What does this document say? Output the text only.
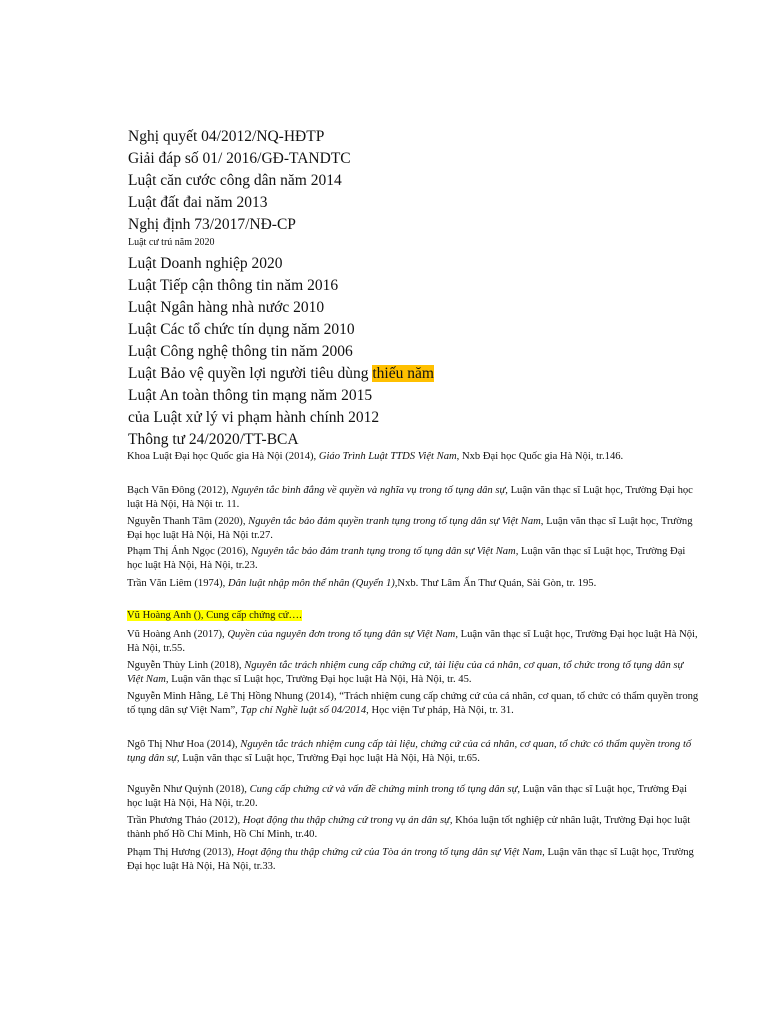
Nghị quyết 04/2012/NQ-HĐTP
Giải đáp số 01/ 2016/GĐ-TANDTC
Luật căn cước công dân năm 2014
Luật đất đai năm 2013
Nghị định 73/2017/NĐ-CP
Luật cư trú năm 2020
Luật Doanh nghiệp 2020
Luật Tiếp cận thông tin năm 2016
Luật Ngân hàng nhà nước 2010
Luật Các tổ chức tín dụng năm 2010
Luật Công nghệ thông tin năm 2006
Luật Bảo vệ quyền lợi người tiêu dùng thiếu năm
Luật An toàn thông tin mạng năm 2015
của Luật xử lý vi phạm hành chính 2012
Thông tư 24/2020/TT-BCA
Khoa Luật Đại học Quốc gia Hà Nội (2014), Giáo Trình Luật TTDS Việt Nam, Nxb Đại học Quốc gia Hà Nội, tr.146.
Bạch Văn Đông (2012), Nguyên tắc bình đẳng về quyền và nghĩa vụ trong tố tụng dân sự, Luận văn thạc sĩ Luật học, Trường Đại học luật Hà Nội, Hà Nội tr. 11.
Nguyễn Thanh Tâm (2020), Nguyên tắc bảo đảm quyền tranh tụng trong tố tụng dân sự Việt Nam, Luận văn thạc sĩ Luật học, Trường Đại học luật Hà Nội, Hà Nội tr.27.
Phạm Thị Ánh Ngọc (2016), Nguyên tắc bảo đảm tranh tụng trong tố tụng dân sự Việt Nam, Luận văn thạc sĩ Luật học, Trường Đại học luật Hà Nội, Hà Nội, tr.23.
Trần Văn Liêm (1974), Dân luật nhập môn thể nhân (Quyển 1),Nxb. Thư Lâm Ấn Thư Quán, Sài Gòn, tr. 195.
Vũ Hoàng Anh (), Cung cấp chứng cứ….
Vũ Hoàng Anh (2017), Quyền của nguyên đơn trong tố tụng dân sự Việt Nam, Luận văn thạc sĩ Luật học, Trường Đại học luật Hà Nội, Hà Nội, tr.55.
Nguyễn Thùy Linh (2018), Nguyên tắc trách nhiệm cung cấp chứng cứ, tài liệu của cá nhân, cơ quan, tổ chức trong tố tụng dân sự Việt Nam, Luận văn thạc sĩ Luật học, Trường Đại học luật Hà Nội, Hà Nội, tr. 45.
Nguyễn Minh Hằng, Lê Thị Hồng Nhung (2014), “Trách nhiệm cung cấp chứng cứ của cá nhân, cơ quan, tổ chức có thẩm quyền trong tố tụng dân sự Việt Nam”, Tạp chí Nghề luật số 04/2014, Học viện Tư pháp, Hà Nội, tr. 31.
Ngô Thị Như Hoa (2014), Nguyên tắc trách nhiệm cung cấp tài liệu, chứng cứ của cá nhân, cơ quan, tổ chức có thẩm quyền trong tố tụng dân sự, Luận văn thạc sĩ Luật học, Trường Đại học luật Hà Nội, Hà Nội, tr.65.
Nguyễn Như Quỳnh (2018), Cung cấp chứng cứ và vấn đề chứng minh trong tố tụng dân sự, Luận văn thạc sĩ Luật học, Trường Đại học luật Hà Nội, Hà Nội, tr.20.
Trần Phương Thảo (2012), Hoạt động thu thập chứng cứ trong vụ án dân sự, Khóa luận tốt nghiệp cử nhân luật, Trường Đại học luật thành phố Hồ Chí Minh, Hồ Chí Minh, tr.40.
Phạm Thị Hương (2013), Hoạt động thu thập chứng cứ của Tòa án trong tố tụng dân sự Việt Nam, Luận văn thạc sĩ Luật học, Trường Đại học luật Hà Nội, Hà Nội, tr.33.
